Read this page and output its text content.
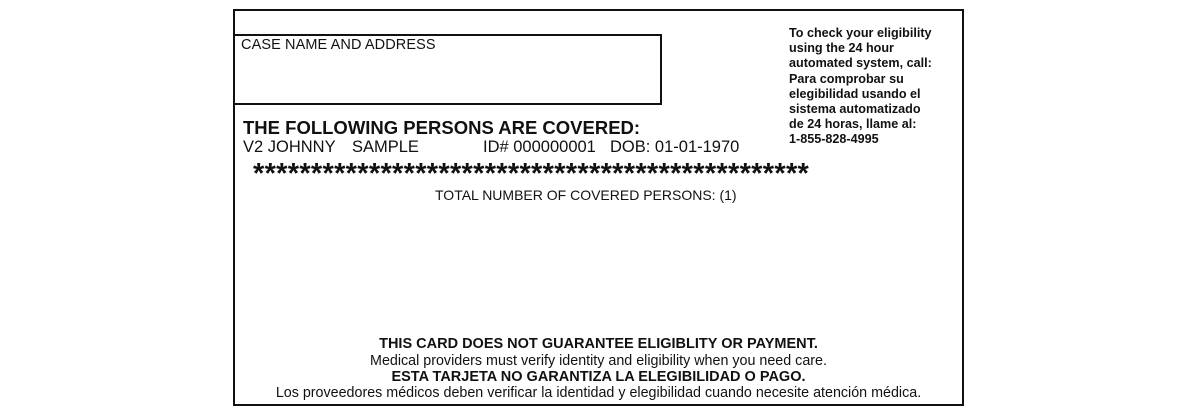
CASE NAME AND ADDRESS
To check your eligibility
using the 24 hour
automated system, call:
Para comprobar su
elegibilidad usando el
sistema automatizado
de 24 horas, llame al:
1-855-828-4995
THE FOLLOWING PERSONS ARE COVERED:
V2 JOHNNY SAMPLE	ID# 000000001 DOB: 01-01-1970
************************************************
TOTAL NUMBER OF COVERED PERSONS: (1)
THIS CARD DOES NOT GUARANTEE ELIGIBLITY OR PAYMENT.
Medical providers must verify identity and eligibility when you need care.
ESTA TARJETA NO GARANTIZA LA ELEGIBILIDAD O PAGO.
Los proveedores médicos deben verificar la identidad y elegibilidad cuando necesite atención médica.
